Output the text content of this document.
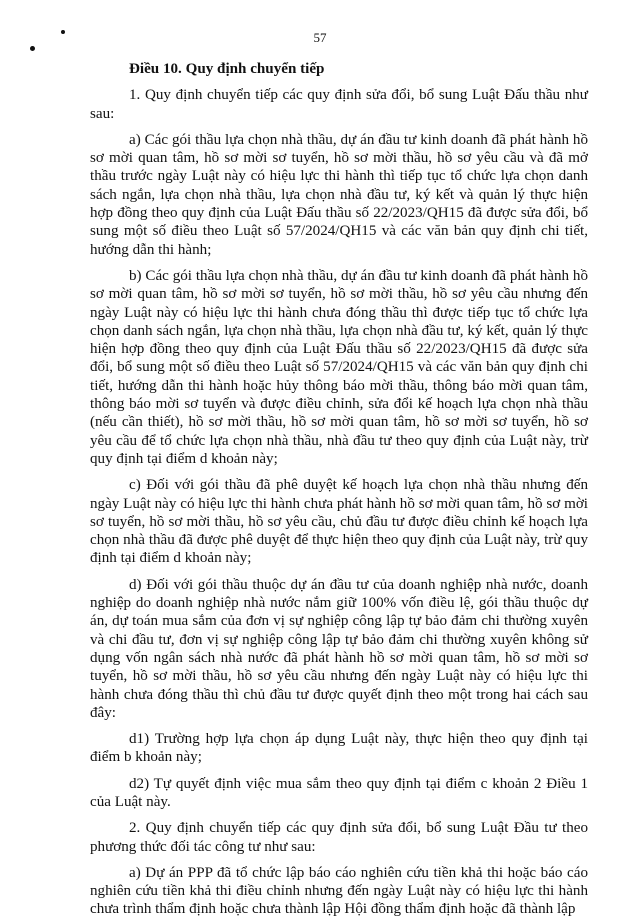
57

Điều 10. Quy định chuyển tiếp

1. Quy định chuyển tiếp các quy định sửa đổi, bổ sung Luật Đấu thầu như sau:

a) Các gói thầu lựa chọn nhà thầu, dự án đầu tư kinh doanh đã phát hành hồ sơ mời quan tâm, hồ sơ mời sơ tuyển, hồ sơ mời thầu, hồ sơ yêu cầu và đã mở thầu trước ngày Luật này có hiệu lực thi hành thì tiếp tục tổ chức lựa chọn danh sách ngắn, lựa chọn nhà thầu, lựa chọn nhà đầu tư, ký kết và quản lý thực hiện hợp đồng theo quy định của Luật Đấu thầu số 22/2023/QH15 đã được sửa đổi, bổ sung một số điều theo Luật số 57/2024/QH15 và các văn bản quy định chi tiết, hướng dẫn thi hành;

b) Các gói thầu lựa chọn nhà thầu, dự án đầu tư kinh doanh đã phát hành hồ sơ mời quan tâm, hồ sơ mời sơ tuyển, hồ sơ mời thầu, hồ sơ yêu cầu nhưng đến ngày Luật này có hiệu lực thi hành chưa đóng thầu thì được tiếp tục tổ chức lựa chọn danh sách ngắn, lựa chọn nhà thầu, lựa chọn nhà đầu tư, ký kết, quản lý thực hiện hợp đồng theo quy định của Luật Đấu thầu số 22/2023/QH15 đã được sửa đổi, bổ sung một số điều theo Luật số 57/2024/QH15 và các văn bản quy định chi tiết, hướng dẫn thi hành hoặc hủy thông báo mời thầu, thông báo mời quan tâm, thông báo mời sơ tuyển và được điều chỉnh, sửa đổi kế hoạch lựa chọn nhà thầu (nếu cần thiết), hồ sơ mời thầu, hồ sơ mời quan tâm, hồ sơ mời sơ tuyển, hồ sơ yêu cầu để tổ chức lựa chọn nhà thầu, nhà đầu tư theo quy định của Luật này, trừ quy định tại điểm d khoản này;

c) Đối với gói thầu đã phê duyệt kế hoạch lựa chọn nhà thầu nhưng đến ngày Luật này có hiệu lực thi hành chưa phát hành hồ sơ mời quan tâm, hồ sơ mời sơ tuyển, hồ sơ mời thầu, hồ sơ yêu cầu, chủ đầu tư được điều chỉnh kế hoạch lựa chọn nhà thầu đã được phê duyệt để thực hiện theo quy định của Luật này, trừ quy định tại điểm d khoản này;

d) Đối với gói thầu thuộc dự án đầu tư của doanh nghiệp nhà nước, doanh nghiệp do doanh nghiệp nhà nước nắm giữ 100% vốn điều lệ, gói thầu thuộc dự án, dự toán mua sắm của đơn vị sự nghiệp công lập tự bảo đảm chi thường xuyên và chi đầu tư, đơn vị sự nghiệp công lập tự bảo đảm chi thường xuyên không sử dụng vốn ngân sách nhà nước đã phát hành hồ sơ mời quan tâm, hồ sơ mời sơ tuyển, hồ sơ mời thầu, hồ sơ yêu cầu nhưng đến ngày Luật này có hiệu lực thi hành chưa đóng thầu thì chủ đầu tư được quyết định theo một trong hai cách sau đây:

d1) Trường hợp lựa chọn áp dụng Luật này, thực hiện theo quy định tại điểm b khoản này;

d2) Tự quyết định việc mua sắm theo quy định tại điểm c khoản 2 Điều 1 của Luật này.

2. Quy định chuyển tiếp các quy định sửa đổi, bổ sung Luật Đầu tư theo phương thức đối tác công tư như sau:

a) Dự án PPP đã tổ chức lập báo cáo nghiên cứu tiền khả thi hoặc báo cáo nghiên cứu tiền khả thi điều chỉnh nhưng đến ngày Luật này có hiệu lực thi hành chưa trình thẩm định hoặc chưa thành lập Hội đồng thẩm định hoặc đã thành lập
